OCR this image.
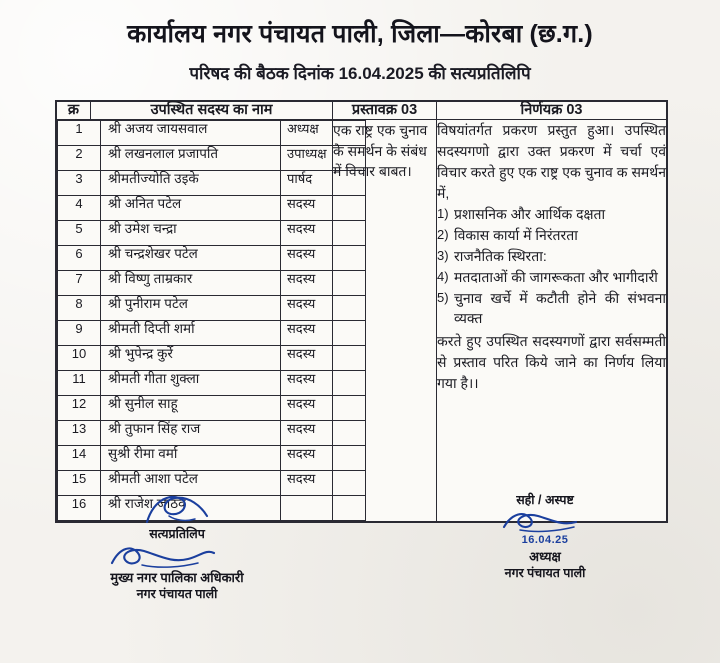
कार्यालय नगर पंचायत पाली, जिला—कोरबा (छ.ग.)
परिषद की बैठक दिनांक 16.04.2025 की सत्यप्रतिलिपि
क्र	उपस्थित सदस्य का नाम	प्रस्तावक्र 03	निर्णयक्र 03

1	श्री अजय जायसवाल	अध्यक्ष
2	श्री लखनलाल प्रजापति	उपाध्यक्ष
3	श्रीमतीज्योति उइके	पार्षद
4	श्री अनित पटेल	सदस्य
5	श्री उमेश चन्द्रा	सदस्य
6	श्री चन्द्रशेखर पटेल	सदस्य
7	श्री विष्णु ताम्रकार	सदस्य
8	श्री पुनीराम पटेल	सदस्य
9	श्रीमती दिप्ती शर्मा	सदस्य
10	श्री भुपेन्द्र कुर्रे	सदस्य
11	श्रीमती गीता शुक्ला	सदस्य
12	श्री सुनील साहू	सदस्य
13	श्री तुफान सिंह राज	सदस्य
14	सुश्री रीमा वर्मा	सदस्य
15	श्रीमती आशा पटेल	सदस्य
16	श्री राजेश जाठव	
	एक राष्ट्र एक चुनाव के समर्थन के संबंध में विचार बाबत।	

विषयांतर्गत प्रकरण प्रस्तुत हुआ। उपस्थित सदस्यगणो द्वारा उक्त प्रकरण में चर्चा एवं विचार करते हुए एक राष्ट्र एक चुनाव क समर्थन में,

1) प्रशासनिक और आर्थिक दक्षता
2) विकास कार्या में निरंतरता
3) राजनैतिक स्थिरता:
4) मतदाताओं की जागरूकता और भागीदारी
5) चुनाव खर्चे में कटौती होने की संभवना व्यक्त

करते हुए उपस्थित सदस्यगणों द्वारा सर्वसम्मती से प्रस्ताव परित किये जाने का निर्णय लिया गया है।।

सत्यप्रतिलिप
मुख्य नगर पालिका अधिकारी
नगर पंचायत पाली
सही / अस्पष्ट
16.04.25
अध्यक्ष
नगर पंचायत पाली
